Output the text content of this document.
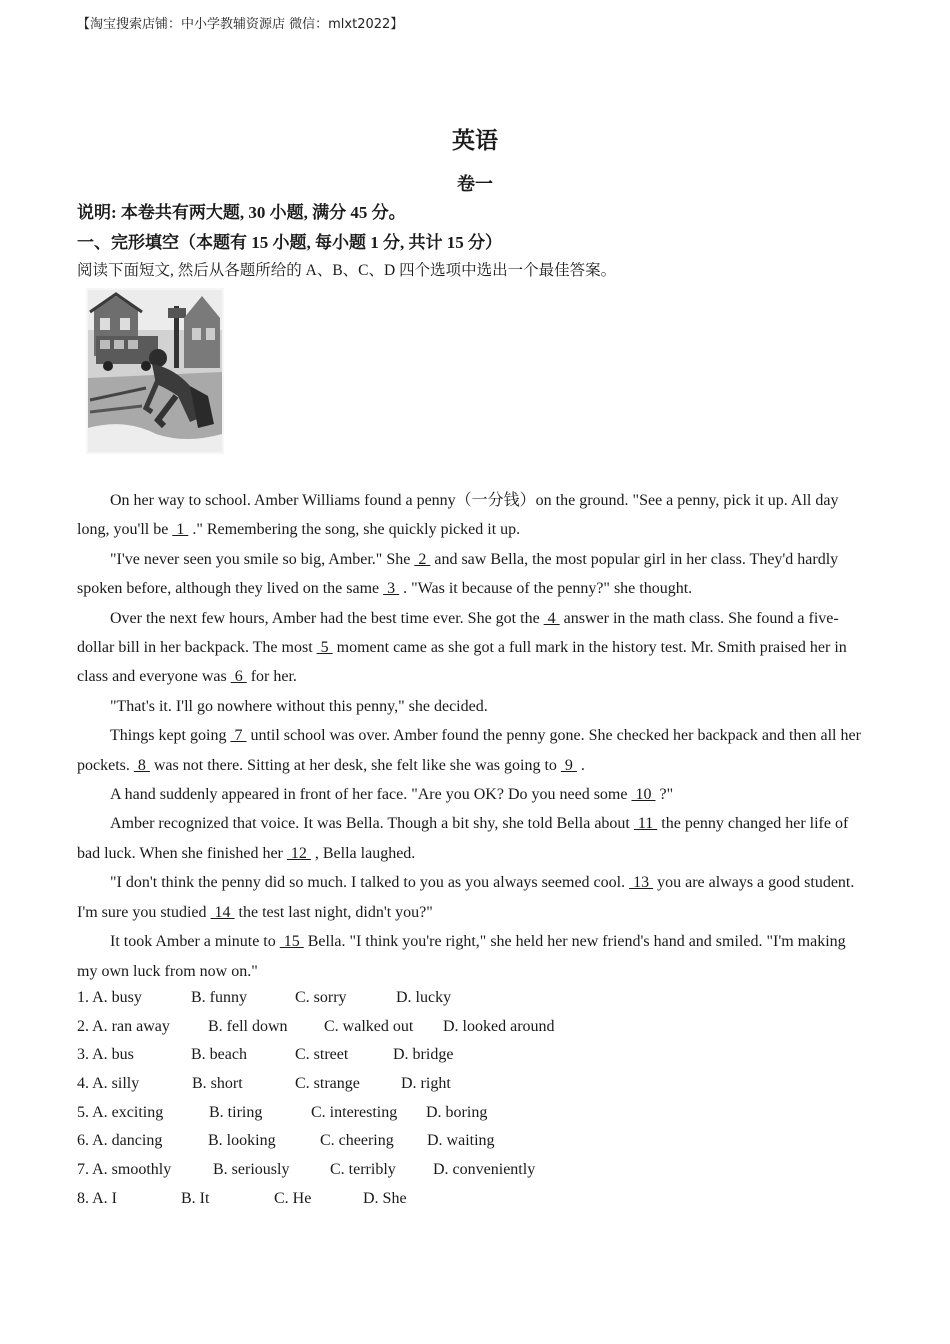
【淘宝搜索店铺：中小学教辅资源店 微信：mlxt2022】
英语
卷一
说明: 本卷共有两大题, 30 小题, 满分 45 分。
一、完形填空（本题有 15 小题, 每小题 1 分, 共计 15 分）
阅读下面短文, 然后从各题所给的 A、B、C、D 四个选项中选出一个最佳答案。

On her way to school. Amber Williams found a penny（一分钱）on the ground. "See a penny, pick it up. All day long, you'll be  1  ." Remembering the song, she quickly picked it up.

"I've never seen you smile so big, Amber." She  2  and saw Bella, the most popular girl in her class. They'd hardly spoken before, although they lived on the same  3  . "Was it because of the penny?" she thought.

Over the next few hours, Amber had the best time ever. She got the  4  answer in the math class. She found a five-dollar bill in her backpack. The most  5  moment came as she got a full mark in the history test. Mr. Smith praised her in class and everyone was  6  for her.

"That's it. I'll go nowhere without this penny," she decided.

Things kept going  7  until school was over. Amber found the penny gone. She checked her backpack and then all her pockets.  8  was not there. Sitting at her desk, she felt like she was going to  9  .

A hand suddenly appeared in front of her face. "Are you OK? Do you need some  10  ?"

Amber recognized that voice. It was Bella. Though a bit shy, she told Bella about  11  the penny changed her life of bad luck. When she finished her  12  , Bella laughed.

"I don't think the penny did so much. I talked to you as you always seemed cool.  13  you are always a good student. I'm sure you studied  14  the test last night, didn't you?"

It took Amber a minute to  15  Bella. "I think you're right," she held her new friend's hand and smiled. "I'm making my own luck from now on."

1. A. busy	B. funny	C. sorry	D. lucky
2. A. ran away B. fell down C. walked out D. looked around
3. A. bus	B. beach	C. street	D. bridge
4. A. silly	B. short	C. strange	D. right
5. A. exciting	B. tiring	C. interesting D. boring
6. A. dancing	B. looking	C. cheering D. waiting
7. A. smoothly	B. seriously	C. terribly D. conveniently
8. A. I	B. It	C. He	D. She
